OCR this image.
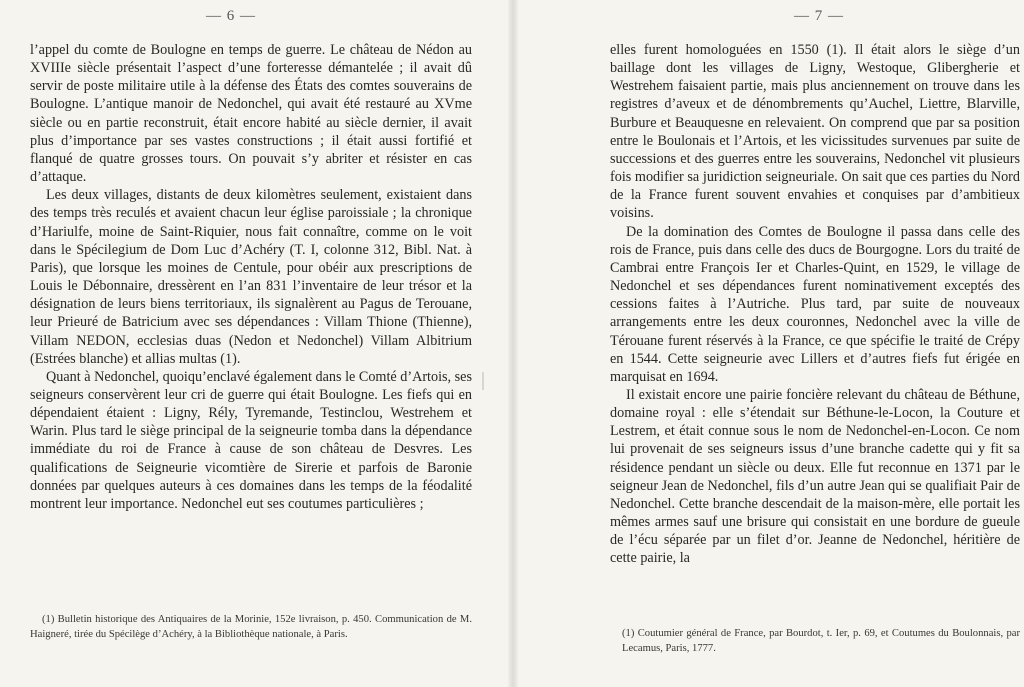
— 6 —

l’appel du comte de Boulogne en temps de guerre. Le château de Nédon au XVIIIe siècle présentait l’aspect d’une forteresse démantelée ; il avait dû servir de poste militaire utile à la défense des États des comtes souverains de Boulogne. L’antique manoir de Nedonchel, qui avait été restauré au XVme siècle ou en partie reconstruit, était encore habité au siècle dernier, il avait plus d’importance par ses vastes constructions ; il était aussi fortifié et flanqué de quatre grosses tours. On pouvait s’y abriter et résister en cas d’attaque.

Les deux villages, distants de deux kilomètres seulement, existaient dans des temps très reculés et avaient chacun leur église paroissiale ; la chronique d’Hariulfe, moine de Saint-Riquier, nous fait connaître, comme on le voit dans le Spécilegium de Dom Luc d’Achéry (T. I, colonne 312, Bibl. Nat. à Paris), que lorsque les moines de Centule, pour obéir aux prescriptions de Louis le Débonnaire, dressèrent en l’an 831 l’inventaire de leur trésor et la désignation de leurs biens territoriaux, ils signalèrent au Pagus de Terouane, leur Prieuré de Batricium avec ses dépendances : Villam Thione (Thienne), Villam NEDON, ecclesias duas (Nedon et Nedonchel) Villam Albitrium (Estrées blanche) et allias multas (1).

Quant à Nedonchel, quoiqu’enclavé également dans le Comté d’Artois, ses seigneurs conservèrent leur cri de guerre qui était Boulogne. Les fiefs qui en dépendaient étaient : Ligny, Rély, Tyremande, Testinclou, Westrehem et Warin. Plus tard le siège principal de la seigneurie tomba dans la dépendance immédiate du roi de France à cause de son château de Desvres. Les qualifications de Seigneurie vicomtière de Sirerie et parfois de Baronie données par quelques auteurs à ces domaines dans les temps de la féodalité montrent leur importance. Nedonchel eut ses coutumes particulières ;

(1) Bulletin historique des Antiquaires de la Morinie, 152e livraison, p. 450. Communication de M. Haigneré, tirée du Spécilège d’Achéry, à la Bibliothèque nationale, à Paris.
— 7 —

elles furent homologuées en 1550 (1). Il était alors le siège d’un baillage dont les villages de Ligny, Westoque, Glibergherie et Westrehem faisaient partie, mais plus anciennement on trouve dans les registres d’aveux et de dénombrements qu’Auchel, Liettre, Blarville, Burbure et Beauquesne en relevaient. On comprend que par sa position entre le Boulonais et l’Artois, et les vicissitudes survenues par suite de successions et des guerres entre les souverains, Nedonchel vit plusieurs fois modifier sa juridiction seigneuriale. On sait que ces parties du Nord de la France furent souvent envahies et conquises par d’ambitieux voisins.

De la domination des Comtes de Boulogne il passa dans celle des rois de France, puis dans celle des ducs de Bourgogne. Lors du traité de Cambrai entre François Ier et Charles-Quint, en 1529, le village de Nedonchel et ses dépendances furent nominativement exceptés des cessions faites à l’Autriche. Plus tard, par suite de nouveaux arrangements entre les deux couronnes, Nedonchel avec la ville de Térouane furent réservés à la France, ce que spécifie le traité de Crépy en 1544. Cette seigneurie avec Lillers et d’autres fiefs fut érigée en marquisat en 1694.

Il existait encore une pairie foncière relevant du château de Béthune, domaine royal : elle s’étendait sur Béthune-le-Locon, la Couture et Lestrem, et était connue sous le nom de Nedonchel-en-Locon. Ce nom lui provenait de ses seigneurs issus d’une branche cadette qui y fit sa résidence pendant un siècle ou deux. Elle fut reconnue en 1371 par le seigneur Jean de Nedonchel, fils d’un autre Jean qui se qualifiait Pair de Nedonchel. Cette branche descendait de la maison-mère, elle portait les mêmes armes sauf une brisure qui consistait en une bordure de gueule de l’écu séparée par un filet d’or. Jeanne de Nedonchel, héritière de cette pairie, la

(1) Coutumier général de France, par Bourdot, t. Ier, p. 69, et Coutumes du Boulonnais, par Lecamus, Paris, 1777.
